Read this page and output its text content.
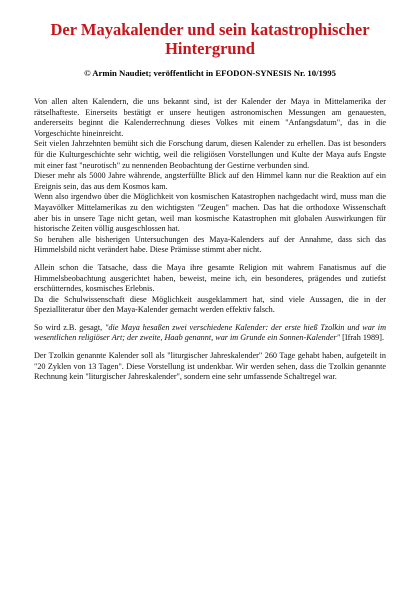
Der Mayakalender und sein katastrophischer Hintergrund

© Armin Naudiet; veröffentlicht in EFODON-SYNESIS Nr. 10/1995

Von allen alten Kalendern, die uns bekannt sind, ist der Kalender der Maya in Mittelamerika der rätselhafteste. Einerseits bestätigt er unsere heutigen astronomischen Messungen am genauesten, andererseits beginnt die Kalenderrechnung dieses Volkes mit einem "Anfangsdatum", das in die Vorgeschichte hineinreicht.

Seit vielen Jahrzehnten bemüht sich die Forschung darum, diesen Kalender zu erhellen. Das ist besonders für die Kulturgeschichte sehr wichtig, weil die religiösen Vorstellungen und Kulte der Maya aufs Engste mit einer fast "neurotisch" zu nennenden Beobachtung der Gestirne verbunden sind.

Dieser mehr als 5000 Jahre währende, angsterfüllte Blick auf den Himmel kann nur die Reaktion auf ein Ereignis sein, das aus dem Kosmos kam.

Wenn also irgendwo über die Möglichkeit von kosmischen Katastrophen nachgedacht wird, muss man die Mayavölker Mittelamerikas zu den wichtigsten "Zeugen" machen. Das hat die orthodoxe Wissenschaft aber bis in unsere Tage nicht getan, weil man kosmische Katastrophen mit globalen Auswirkungen für historische Zeiten völlig ausgeschlossen hat.

So beruhen alle bisherigen Untersuchungen des Maya-Kalenders auf der Annahme, dass sich das Himmelsbild nicht verändert habe. Diese Prämisse stimmt aber nicht.

Allein schon die Tatsache, dass die Maya ihre gesamte Religion mit wahrem Fanatismus auf die Himmelsbeobachtung ausgerichtet haben, beweist, meine ich, ein besonderes, prägendes und zutiefst erschütterndes, kosmisches Erlebnis.

Da die Schulwissenschaft diese Möglichkeit ausgeklammert hat, sind viele Aussagen, die in der Spezialliteratur über den Maya-Kalender gemacht werden effektiv falsch.

So wird z.B. gesagt, "die Maya hesaßen zwei verschiedene Kalender: der erste hieß Tzolkin und war im wesentlichen religiöser Art; der zweite, Haab genannt, war im Grunde ein Sonnen-Kalender" [Ifrah 1989].

Der Tzolkin genannte Kalender soll als "liturgischer Jahreskalender" 260 Tage gehabt haben, aufgeteilt in "20 Zyklen von 13 Tagen". Diese Vorstellung ist undenkbar. Wir werden sehen, dass die Tzolkin genannte Rechnung kein "liturgischer Jahreskalender", sondern eine sehr umfassende Schaltregel war.
